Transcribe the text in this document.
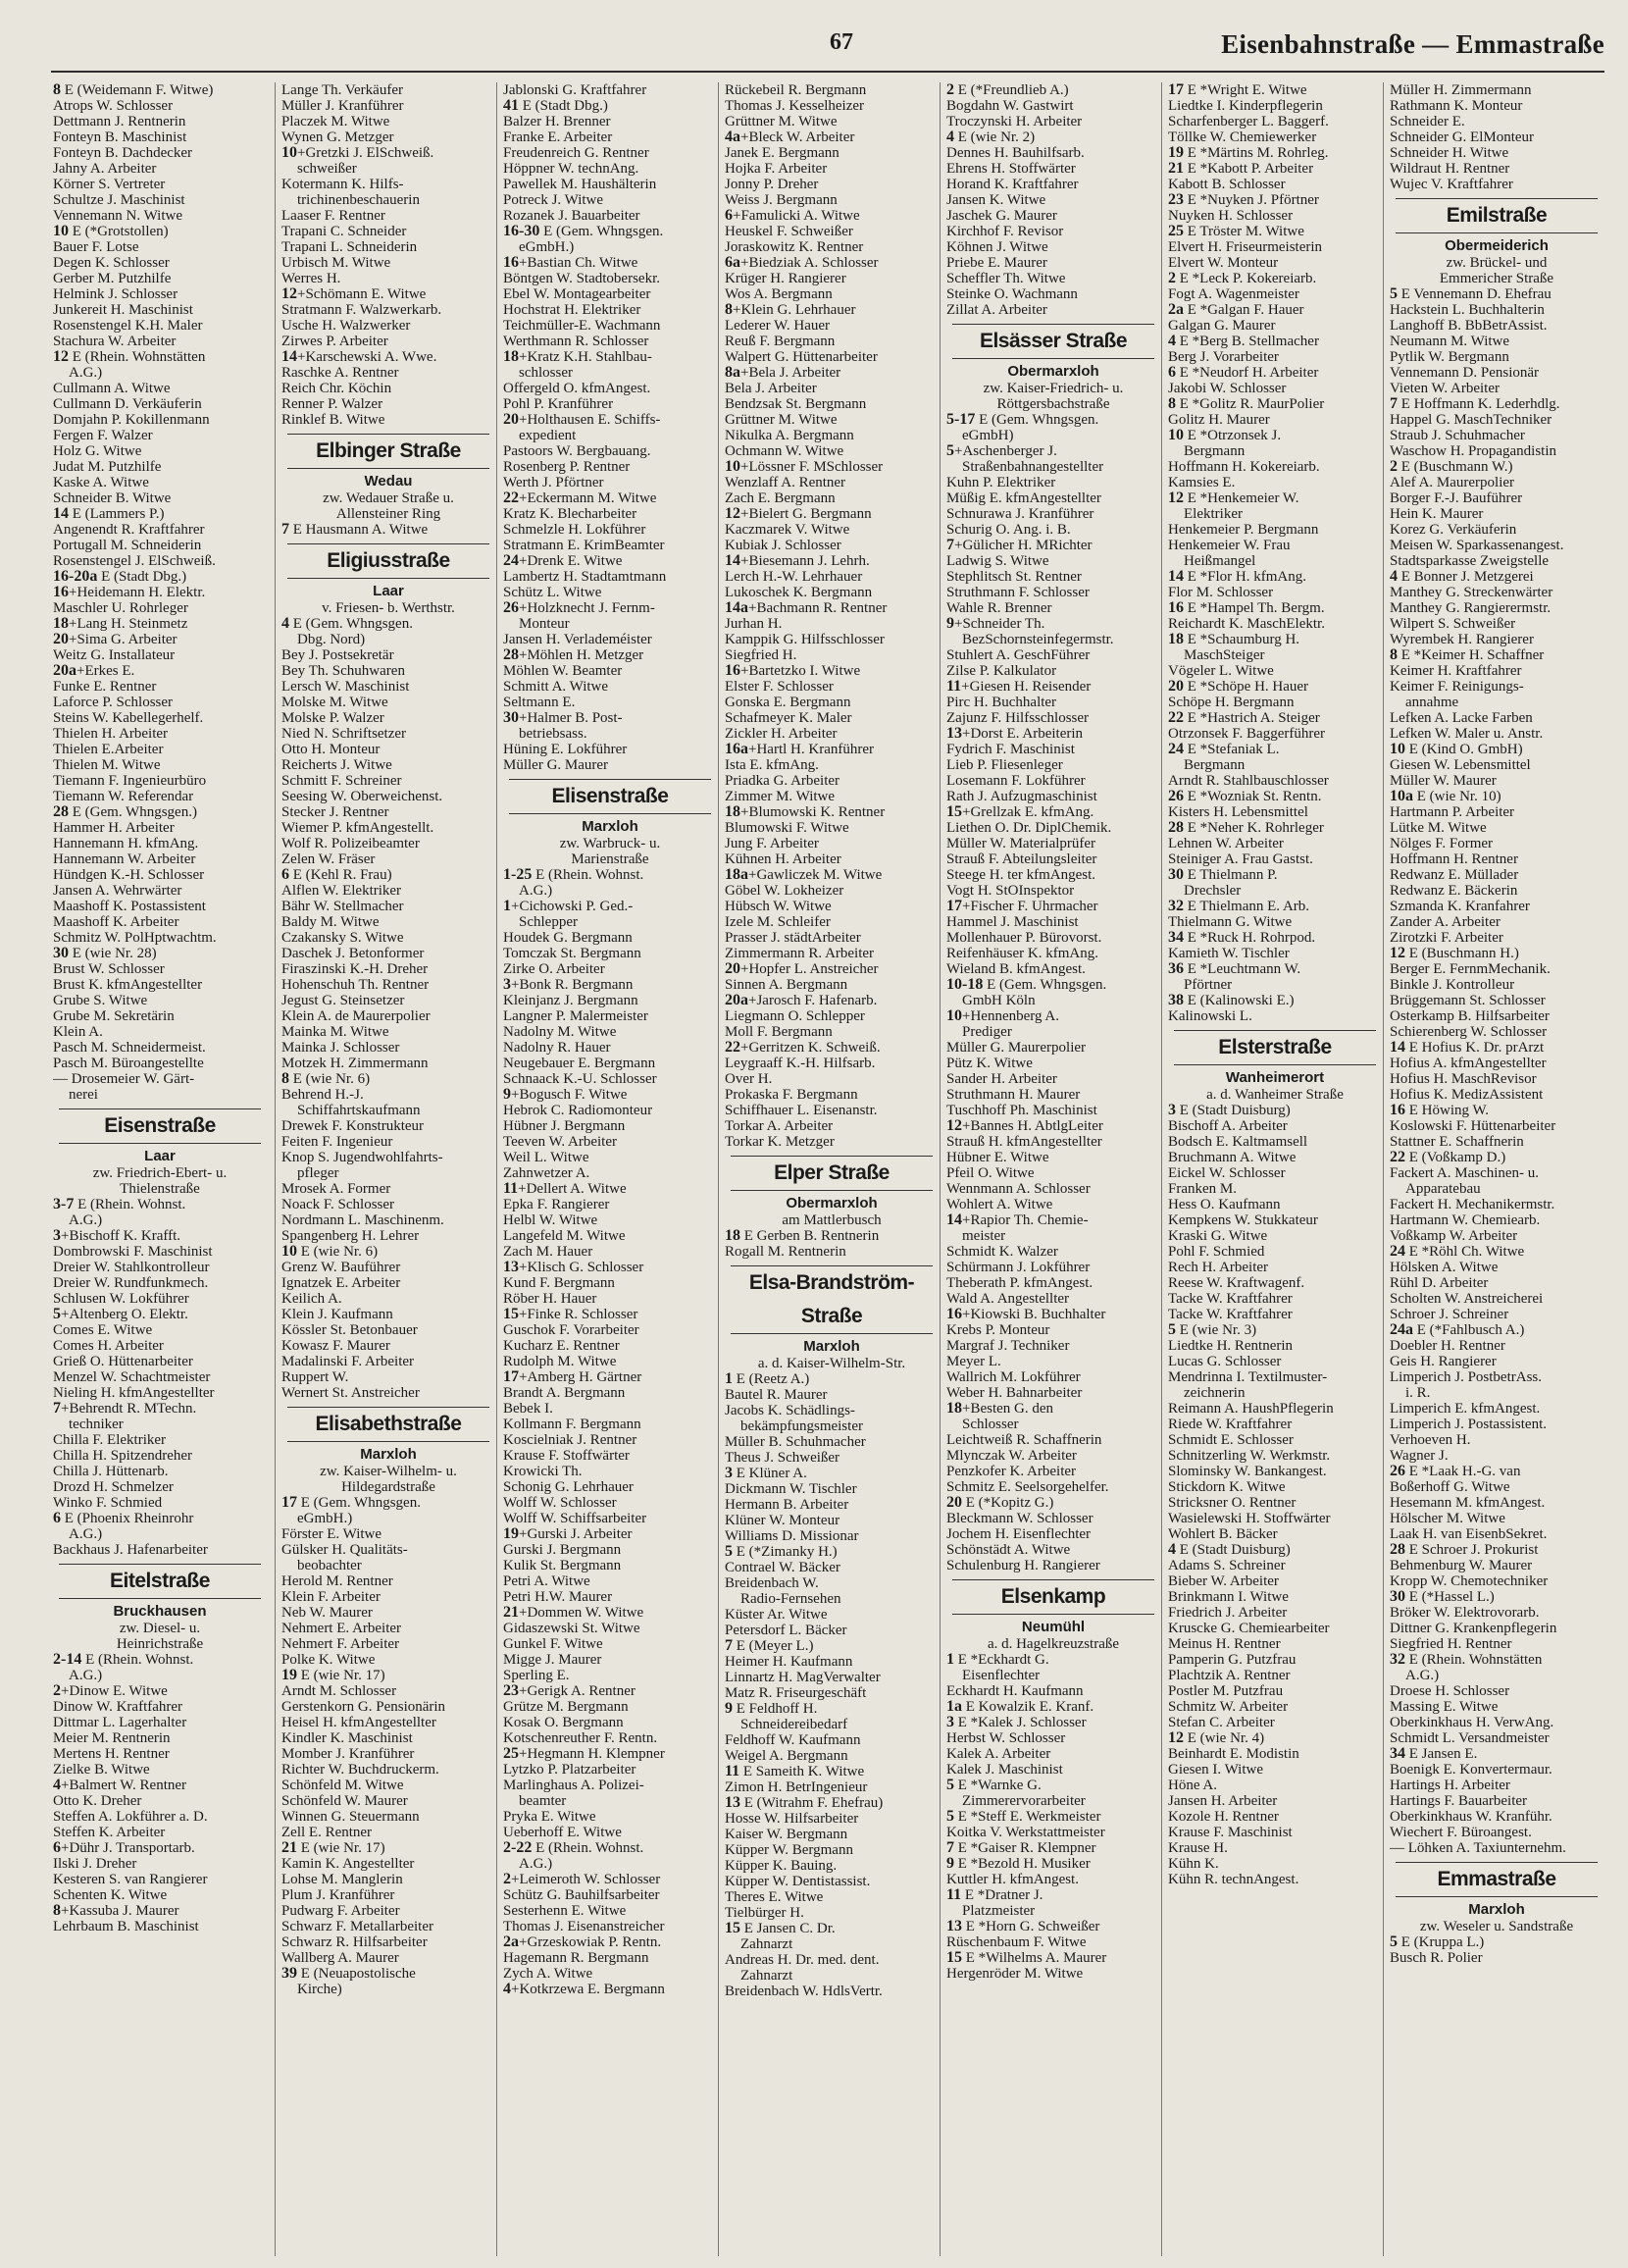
67	Eisenbahnstraße — Emmastraße
8 E (Weidemann F. Witwe)
Atrops W. Schlosser
Dettmann J. Rentnerin
Fonteyn B. Maschinist
Fonteyn B. Dachdecker
Jahny A. Arbeiter
Körner S. Vertreter
Schultze J. Maschinist
Vennemann N. Witwe
10 E (*Grotstollen)
Bauer F. Lotse
Degen K. Schlosser
Gerber M. Putzhilfe
Helmink J. Schlosser
Junkereit H. Maschinist
Rosenstengel K.H. Maler
Stachura W. Arbeiter
12 E (Rhein. Wohnstätten
A.G.)
Cullmann A. Witwe
Cullmann D. Verkäuferin
Domjahn P. Kokillenmann
Fergen F. Walzer
Holz G. Witwe
Judat M. Putzhilfe
Kaske A. Witwe
Schneider B. Witwe
14 E (Lammers P.)
Angenendt R. Kraftfahrer
Portugall M. Schneiderin
Rosenstengel J. ElSchweiß.
16-20a E (Stadt Dbg.)
16+Heidemann H. Elektr.
Maschler U. Rohrleger
18+Lang H. Steinmetz
20+Sima G. Arbeiter
Weitz G. Installateur
20a+Erkes E.
Funke E. Rentner
Laforce P. Schlosser
Steins W. Kabellegerhelf.
Thielen H. Arbeiter
Thielen E.Arbeiter
Thielen M. Witwe
Tiemann F. Ingenieurbüro
Tiemann W. Referendar
28 E (Gem. Whngsgen.)
Hammer H. Arbeiter
Hannemann H. kfmAng.
Hannemann W. Arbeiter
Hündgen K.-H. Schlosser
Jansen A. Wehrwärter
Maashoff K. Postassistent
Maashoff K. Arbeiter
Schmitz W. PolHptwachtm.
30 E (wie Nr. 28)
Brust W. Schlosser
Brust K. kfmAngestellter
Grube S. Witwe
Grube M. Sekretärin
Klein A.
Pasch M. Schneidermeist.
Pasch M. Büroangestellte
— Drosemeier W. Gärt-
nerei
Eisenstraße
Laar
zw. Friedrich-Ebert- u.
Thielenstraße
3-7 E (Rhein. Wohnst.
A.G.)
3+Bischoff K. Krafft.
Dombrowski F. Maschinist
Dreier W. Stahlkontrolleur
Dreier W. Rundfunkmech.
Schlusen W. Lokführer
5+Altenberg O. Elektr.
Comes E. Witwe
Comes H. Arbeiter
Grieß O. Hüttenarbeiter
Menzel W. Schachtmeister
Nieling H. kfmAngestellter
7+Behrendt R. MTechn.
techniker
Chilla F. Elektriker
Chilla H. Spitzendreher
Chilla J. Hüttenarb.
Drozd H. Schmelzer
Winko F. Schmied
6 E (Phoenix Rheinrohr
A.G.)
Backhaus J. Hafenarbeiter
Eitelstraße
Bruckhausen
zw. Diesel- u.
Heinrichstraße
2-14 E (Rhein. Wohnst.
A.G.)
2+Dinow E. Witwe
Dinow W. Kraftfahrer
Dittmar L. Lagerhalter
Meier M. Rentnerin
Mertens H. Rentner
Zielke B. Witwe
4+Balmert W. Rentner
Otto K. Dreher
Steffen A. Lokführer a. D.
Steffen K. Arbeiter
6+Dühr J. Transportarb.
Ilski J. Dreher
Kesteren S. van Rangierer
Schenten K. Witwe
8+Kassuba J. Maurer
Lehrbaum B. Maschinist
Lange Th. Verkäufer
Müller J. Kranführer
Placzek M. Witwe
Wynen G. Metzger
10+Gretzki J. ElSchweiß.
schweißer
Kotermann K. Hilfs-
trichinenbeschauerin
Laaser F. Rentner
Trapani C. Schneider
Trapani L. Schneiderin
Urbisch M. Witwe
Werres H.
12+Schömann E. Witwe
Stratmann F. Walzwerkarb.
Usche H. Walzwerker
Zirwes P. Arbeiter
14+Karschewski A. Wwe.
Raschke A. Rentner
Reich Chr. Köchin
Renner P. Walzer
Rinklef B. Witwe
Elbinger Straße
Wedau
zw. Wedauer Straße u.
Allensteiner Ring
7 E Hausmann A. Witwe
Eligiusstraße
Laar
v. Friesen- b. Werthstr.
4 E (Gem. Whngsgen.
Dbg. Nord)
Bey J. Postsekretär
Bey Th. Schuhwaren
Lersch W. Maschinist
Molske M. Witwe
Molske P. Walzer
Nied N. Schriftsetzer
Otto H. Monteur
Reicherts J. Witwe
Schmitt F. Schreiner
Seesing W. Oberweichenst.
Stecker J. Rentner
Wiemer P. kfmAngestellt.
Wolf R. Polizeibeamter
Zelen W. Fräser
6 E (Kehl R. Frau)
Alflen W. Elektriker
Bähr W. Stellmacher
Baldy M. Witwe
Czakansky S. Witwe
Daschek J. Betonformer
Firaszinski K.-H. Dreher
Hohenschuh Th. Rentner
Jegust G. Steinsetzer
Klein A. de Maurerpolier
Mainka M. Witwe
Mainka J. Schlosser
Motzek H. Zimmermann
8 E (wie Nr. 6)
Behrend H.-J.
Schiffahrtskaufmann
Drewek F. Konstrukteur
Feiten F. Ingenieur
Knop S. Jugendwohlfahrts-
pfleger
Mrosek A. Former
Noack F. Schlosser
Nordmann L. Maschinenm.
Spangenberg H. Lehrer
10 E (wie Nr. 6)
Grenz W. Bauführer
Ignatzek E. Arbeiter
Keilich A.
Klein J. Kaufmann
Kössler St. Betonbauer
Kowasz F. Maurer
Madalinski F. Arbeiter
Ruppert W.
Wernert St. Anstreicher
Elisabethstraße
Marxloh
zw. Kaiser-Wilhelm- u.
Hildegardstraße
17 E (Gem. Whngsgen.
eGmbH.)
Förster E. Witwe
Gülsker H. Qualitäts-
beobachter
Herold M. Rentner
Klein F. Arbeiter
Neb W. Maurer
Nehmert E. Arbeiter
Nehmert F. Arbeiter
Polke K. Witwe
19 E (wie Nr. 17)
Arndt M. Schlosser
Gerstenkorn G. Pensionärin
Heisel H. kfmAngestellter
Kindler K. Maschinist
Momber J. Kranführer
Richter W. Buchdruckerm.
Schönfeld M. Witwe
Schönfeld W. Maurer
Winnen G. Steuermann
Zell E. Rentner
21 E (wie Nr. 17)
Kamin K. Angestellter
Lohse M. Manglerin
Plum J. Kranführer
Pudwarg F. Arbeiter
Schwarz F. Metallarbeiter
Schwarz R. Hilfsarbeiter
Wallberg A. Maurer
39 E (Neuapostolische
Kirche)
Jablonski G. Kraftfahrer
41 E (Stadt Dbg.)
Balzer H. Brenner
Franke E. Arbeiter
Freudenreich G. Rentner
Höppner W. technAng.
Pawellek M. Haushälterin
Potreck J. Witwe
Rozanek J. Bauarbeiter
16-30 E (Gem. Whngsgen.
eGmbH.)
16+Bastian Ch. Witwe
Böntgen W. Stadtobersekr.
Ebel W. Montagearbeiter
Hochstrat H. Elektriker
Teichmüller-E. Wachmann
Werthmann R. Schlosser
18+Kratz K.H. Stahlbau-
schlosser
Offergeld O. kfmAngest.
Pohl P. Kranführer
20+Holthausen E. Schiffs-
expedient
Pastoors W. Bergbauang.
Rosenberg P. Rentner
Werth J. Pförtner
22+Eckermann M. Witwe
Kratz K. Blecharbeiter
Schmelzle H. Lokführer
Stratmann E. KrimBeamter
24+Drenk E. Witwe
Lambertz H. Stadtamtmann
Schütz L. Witwe
26+Holzknecht J. Fernm-
Monteur
Jansen H. Verlademéister
28+Möhlen H. Metzger
Möhlen W. Beamter
Schmitt A. Witwe
Seltmann E.
30+Halmer B. Post-
betriebsass.
Hüning E. Lokführer
Müller G. Maurer
Elisenstraße
Marxloh
zw. Warbruck- u.
Marienstraße
1-25 E (Rhein. Wohnst.
A.G.)
1+Cichowski P. Ged.-
Schlepper
Houdek G. Bergmann
Tomczak St. Bergmann
Zirke O. Arbeiter
3+Bonk R. Bergmann
Kleinjanz J. Bergmann
Langner P. Malermeister
Nadolny M. Witwe
Nadolny R. Hauer
Neugebauer E. Bergmann
Schnaack K.-U. Schlosser
9+Bogusch F. Witwe
Hebrok C. Radiomonteur
Hübner J. Bergmann
Teeven W. Arbeiter
Weil L. Witwe
Zahnwetzer A.
11+Dellert A. Witwe
Epka F. Rangierer
Helbl W. Witwe
Langefeld M. Witwe
Zach M. Hauer
13+Klisch G. Schlosser
Kund F. Bergmann
Röber H. Hauer
15+Finke R. Schlosser
Guschok F. Vorarbeiter
Kucharz E. Rentner
Rudolph M. Witwe
17+Amberg H. Gärtner
Brandt A. Bergmann
Bebek I.
Kollmann F. Bergmann
Koscielniak J. Rentner
Krause F. Stoffwärter
Krowicki Th.
Schonig G. Lehrhauer
Wolff W. Schlosser
Wolff W. Schiffsarbeiter
19+Gurski J. Arbeiter
Gurski J. Bergmann
Kulik St. Bergmann
Petri A. Witwe
Petri H.W. Maurer
21+Dommen W. Witwe
Gidaszewski St. Witwe
Gunkel F. Witwe
Migge J. Maurer
Sperling E.
23+Gerigk A. Rentner
Grütze M. Bergmann
Kosak O. Bergmann
Kotschenreuther F. Rentn.
25+Hegmann H. Klempner
Lytzko P. Platzarbeiter
Marlinghaus A. Polizei-
beamter
Pryka E. Witwe
Ueberhoff E. Witwe
2-22 E (Rhein. Wohnst.
A.G.)
2+Leimeroth W. Schlosser
Schütz G. Bauhilfsarbeiter
Sesterhenn E. Witwe
Thomas J. Eisenanstreicher
2a+Grzeskowiak P. Rentn.
Hagemann R. Bergmann
Zych A. Witwe
4+Kotkrzewa E. Bergmann
Rückebeil R. Bergmann
Thomas J. Kesselheizer
Grüttner M. Witwe
4a+Bleck W. Arbeiter
Janek E. Bergmann
Hojka F. Arbeiter
Jonny P. Dreher
Weiss J. Bergmann
6+Famulicki A. Witwe
Heuskel F. Schweißer
Joraskowitz K. Rentner
6a+Biedziak A. Schlosser
Krüger H. Rangierer
Wos A. Bergmann
8+Klein G. Lehrhauer
Lederer W. Hauer
Reuß F. Bergmann
Walpert G. Hüttenarbeiter
8a+Bela J. Arbeiter
Bela J. Arbeiter
Bendzsak St. Bergmann
Grüttner M. Witwe
Nikulka A. Bergmann
Ochmann W. Witwe
10+Lössner F. MSchlosser
Wenzlaff A. Rentner
Zach E. Bergmann
12+Bielert G. Bergmann
Kaczmarek V. Witwe
Kubiak J. Schlosser
14+Biesemann J. Lehrh.
Lerch H.-W. Lehrhauer
Lukoschek K. Bergmann
14a+Bachmann R. Rentner
Jurhan H.
Kamppik G. Hilfsschlosser
Siegfried H.
16+Bartetzko I. Witwe
Elster F. Schlosser
Gonska E. Bergmann
Schafmeyer K. Maler
Zickler H. Arbeiter
16a+Hartl H. Kranführer
Ista E. kfmAng.
Priadka G. Arbeiter
Zimmer M. Witwe
18+Blumowski K. Rentner
Blumowski F. Witwe
Jung F. Arbeiter
Kühnen H. Arbeiter
18a+Gawliczek M. Witwe
Göbel W. Lokheizer
Hübsch W. Witwe
Izele M. Schleifer
Prasser J. städtArbeiter
Zimmermann R. Arbeiter
20+Hopfer L. Anstreicher
Sinnen A. Bergmann
20a+Jarosch F. Hafenarb.
Liegmann O. Schlepper
Moll F. Bergmann
22+Gerritzen K. Schweiß.
Leygraaff K.-H. Hilfsarb.
Over H.
Prokaska F. Bergmann
Schiffhauer L. Eisenanstr.
Torkar A. Arbeiter
Torkar K. Metzger
Elper Straße
Obermarxloh
am Mattlerbusch
18 E Gerben B. Rentnerin
Rogall M. Rentnerin
Elsa-Brandström-Straße
Marxloh
a. d. Kaiser-Wilhelm-Str.
1 E (Reetz A.)
Bautel R. Maurer
Jacobs K. Schädlings-
bekämpfungsmeister
Müller B. Schuhmacher
Theus J. Schweißer
3 E Klüner A.
Dickmann W. Tischler
Hermann B. Arbeiter
Klüner W. Monteur
Williams D. Missionar
5 E (*Zimanky H.)
Contrael W. Bäcker
Breidenbach W.
Radio-Fernsehen
Küster Ar. Witwe
Petersdorf L. Bäcker
7 E (Meyer L.)
Heimer H. Kaufmann
Linnartz H. MagVerwalter
Matz R. Friseurgeschäft
9 E Feldhoff H.
Schneidereibedarf
Feldhoff W. Kaufmann
Weigel A. Bergmann
11 E Sameith K. Witwe
Zimon H. BetrIngenieur
13 E (Witrahm F. Ehefrau)
Hosse W. Hilfsarbeiter
Kaiser W. Bergmann
Küpper W. Bergmann
Küpper K. Bauing.
Küpper W. Dentistassist.
Theres E. Witwe
Tielbürger H.
15 E Jansen C. Dr.
Zahnarzt
Andreas H. Dr. med. dent.
Zahnarzt
Breidenbach W. HdlsVertr.
2 E (*Freundlieb A.)
Bogdahn W. Gastwirt
Troczynski H. Arbeiter
4 E (wie Nr. 2)
Dennes H. Bauhilfsarb.
Ehrens H. Stoffwärter
Horand K. Kraftfahrer
Jansen K. Witwe
Jaschek G. Maurer
Kirchhof F. Revisor
Köhnen J. Witwe
Priebe E. Maurer
Scheffler Th. Witwe
Steinke O. Wachmann
Zillat A. Arbeiter
Elsässer Straße
Obermarxloh
zw. Kaiser-Friedrich- u.
Röttgersbachstraße
5-17 E (Gem. Whngsgen.
eGmbH)
5+Aschenberger J.
Straßenbahnangestellter
Kuhn P. Elektriker
Müßig E. kfmAngestellter
Schnurawa J. Kranführer
Schurig O. Ang. i. B.
7+Gülicher H. MRichter
Ladwig S. Witwe
Stephlitsch St. Rentner
Struthmann F. Schlosser
Wahle R. Brenner
9+Schneider Th.
BezSchornsteinfegermstr.
Stuhlert A. GeschFührer
Zilse P. Kalkulator
11+Giesen H. Reisender
Pirc H. Buchhalter
Zajunz F. Hilfsschlosser
13+Dorst E. Arbeiterin
Fydrich F. Maschinist
Lieb P. Fliesenleger
Losemann F. Lokführer
Rath J. Aufzugmaschinist
15+Grellzak E. kfmAng.
Liethen O. Dr. DiplChemik.
Müller W. Materialprüfer
Strauß F. Abteilungsleiter
Steege H. ter kfmAngest.
Vogt H. StOInspektor
17+Fischer F. Uhrmacher
Hammel J. Maschinist
Mollenhauer P. Bürovorst.
Reifenhäuser K. kfmAng.
Wieland B. kfmAngest.
10-18 E (Gem. Whngsgen.
GmbH Köln
10+Hennenberg A.
Prediger
Müller G. Maurerpolier
Pütz K. Witwe
Sander H. Arbeiter
Struthmann H. Maurer
Tuschhoff Ph. Maschinist
12+Bannes H. AbtlgLeiter
Strauß H. kfmAngestellter
Hübner E. Witwe
Pfeil O. Witwe
Wennmann A. Schlosser
Wohlert A. Witwe
14+Rapior Th. Chemie-
meister
Schmidt K. Walzer
Schürmann J. Lokführer
Theberath P. kfmAngest.
Wald A. Angestellter
16+Kiowski B. Buchhalter
Krebs P. Monteur
Margraf J. Techniker
Meyer L.
Wallrich M. Lokführer
Weber H. Bahnarbeiter
18+Besten G. den
Schlosser
Leichtweiß R. Schaffnerin
Mlynczak W. Arbeiter
Penzkofer K. Arbeiter
Schmitz E. Seelsorgehelfer.
20 E (*Kopitz G.)
Bleckmann W. Schlosser
Jochem H. Eisenflechter
Schönstädt A. Witwe
Schulenburg H. Rangierer
Elsenkamp
Neumühl
a. d. Hagelkreuzstraße
1 E *Eckhardt G.
Eisenflechter
Eckhardt H. Kaufmann
1a E Kowalzik E. Kranf.
3 E *Kalek J. Schlosser
Herbst W. Schlosser
Kalek A. Arbeiter
Kalek J. Maschinist
5 E *Warnke G.
Zimmerervorarbeiter
5 E *Steff E. Werkmeister
Koitka V. Werkstattmeister
7 E *Gaiser R. Klempner
9 E *Bezold H. Musiker
Kuttler H. kfmAngest.
11 E *Dratner J.
Platzmeister
13 E *Horn G. Schweißer
Rüschenbaum F. Witwe
15 E *Wilhelms A. Maurer
Hergenröder M. Witwe
17 E *Wright E. Witwe
Liedtke I. Kinderpflegerin
Scharfenberger L. Baggerf.
Töllke W. Chemiewerker
19 E *Märtins M. Rohrleg.
21 E *Kabott P. Arbeiter
Kabott B. Schlosser
23 E *Nuyken J. Pförtner
Nuyken H. Schlosser
25 E Tröster M. Witwe
Elvert H. Friseurmeisterin
Elvert W. Monteur
2 E *Leck P. Kokereiarb.
Fogt A. Wagenmeister
2a E *Galgan F. Hauer
Galgan G. Maurer
4 E *Berg B. Stellmacher
Berg J. Vorarbeiter
6 E *Neudorf H. Arbeiter
Jakobi W. Schlosser
8 E *Golitz R. MaurPolier
Golitz H. Maurer
10 E *Otrzonsek J.
Bergmann
Hoffmann H. Kokereiarb.
Kamsies E.
12 E *Henkemeier W.
Elektriker
Henkemeier P. Bergmann
Henkemeier W. Frau
Heißmangel
14 E *Flor H. kfmAng.
Flor M. Schlosser
16 E *Hampel Th. Bergm.
Reichardt K. MaschElektr.
18 E *Schaumburg H.
MaschSteiger
Vögeler L. Witwe
20 E *Schöpe H. Hauer
Schöpe H. Bergmann
22 E *Hastrich A. Steiger
Otrzonsek F. Baggerführer
24 E *Stefaniak L.
Bergmann
Arndt R. Stahlbauschlosser
26 E *Wozniak St. Rentn.
Kisters H. Lebensmittel
28 E *Neher K. Rohrleger
Lehnen W. Arbeiter
Steiniger A. Frau Gastst.
30 E Thielmann P.
Drechsler
32 E Thielmann E. Arb.
Thielmann G. Witwe
34 E *Ruck H. Rohrpod.
Kamieth W. Tischler
36 E *Leuchtmann W.
Pförtner
38 E (Kalinowski E.)
Kalinowski L.
Elsterstraße
Wanheimerort
a. d. Wanheimer Straße
3 E (Stadt Duisburg)
Bischoff A. Arbeiter
Bodsch E. Kaltmamsell
Bruchmann A. Witwe
Eickel W. Schlosser
Franken M.
Hess O. Kaufmann
Kempkens W. Stukkateur
Kraski G. Witwe
Pohl F. Schmied
Rech H. Arbeiter
Reese W. Kraftwagenf.
Tacke W. Kraftfahrer
Tacke W. Kraftfahrer
5 E (wie Nr. 3)
Liedtke H. Rentnerin
Lucas G. Schlosser
Mendrinna I. Textilmuster-
zeichnerin
Reimann A. HaushPflegerin
Riede W. Kraftfahrer
Schmidt E. Schlosser
Schnitzerling W. Werkmstr.
Slominsky W. Bankangest.
Stickdorn K. Witwe
Stricksner O. Rentner
Wasielewski H. Stoffwärter
Wohlert B. Bäcker
4 E (Stadt Duisburg)
Adams S. Schreiner
Bieber W. Arbeiter
Brinkmann I. Witwe
Friedrich J. Arbeiter
Kruscke G. Chemiearbeiter
Meinus H. Rentner
Pamperin G. Putzfrau
Plachtzik A. Rentner
Postler M. Putzfrau
Schmitz W. Arbeiter
Stefan C. Arbeiter
12 E (wie Nr. 4)
Beinhardt E. Modistin
Giesen I. Witwe
Höne A.
Jansen H. Arbeiter
Kozole H. Rentner
Krause F. Maschinist
Krause H.
Kühn K.
Kühn R. technAngest.
Müller H. Zimmermann
Rathmann K. Monteur
Schneider E.
Schneider G. ElMonteur
Schneider H. Witwe
Wildraut H. Rentner
Wujec V. Kraftfahrer
Emilstraße
Obermeiderich
zw. Brückel- und
Emmericher Straße
5 E Vennemann D. Ehefrau
Hackstein L. Buchhalterin
Langhoff B. BbBetrAssist.
Neumann M. Witwe
Pytlik W. Bergmann
Vennemann D. Pensionär
Vieten W. Arbeiter
7 E Hoffmann K. Lederhdlg.
Happel G. MaschTechniker
Straub J. Schuhmacher
Waschow H. Propagandistin
2 E (Buschmann W.)
Alef A. Maurerpolier
Borger F.-J. Bauführer
Hein K. Maurer
Korez G. Verkäuferin
Meisen W. Sparkassenangest.
Stadtsparkasse Zweigstelle
4 E Bonner J. Metzgerei
Manthey G. Streckenwärter
Manthey G. Rangierermstr.
Wilpert S. Schweißer
Wyrembek H. Rangierer
8 E *Keimer H. Schaffner
Keimer H. Kraftfahrer
Keimer F. Reinigungs-
annahme
Lefken A. Lacke Farben
Lefken W. Maler u. Anstr.
10 E (Kind O. GmbH)
Giesen W. Lebensmittel
Müller W. Maurer
10a E (wie Nr. 10)
Hartmann P. Arbeiter
Lütke M. Witwe
Nölges F. Former
Hoffmann H. Rentner
Redwanz E. Müllader
Redwanz E. Bäckerin
Szmanda K. Kranfahrer
Zander A. Arbeiter
Zirotzki F. Arbeiter
12 E (Buschmann H.)
Berger E. FernmMechanik.
Binkle J. Kontrolleur
Brüggemann St. Schlosser
Osterkamp B. Hilfsarbeiter
Schierenberg W. Schlosser
14 E Hofius K. Dr. prArzt
Hofius A. kfmAngestellter
Hofius H. MaschRevisor
Hofius K. MedizAssistent
16 E Höwing W.
Koslowski F. Hüttenarbeiter
Stattner E. Schaffnerin
22 E (Voßkamp D.)
Fackert A. Maschinen- u.
Apparatebau
Fackert H. Mechanikermstr.
Hartmann W. Chemiearb.
Voßkamp W. Arbeiter
24 E *Röhl Ch. Witwe
Hölsken A. Witwe
Rühl D. Arbeiter
Scholten W. Anstreicherei
Schroer J. Schreiner
24a E (*Fahlbusch A.)
Doebler H. Rentner
Geis H. Rangierer
Limperich J. PostbetrAss.
i. R.
Limperich E. kfmAngest.
Limperich J. Postassistent.
Verhoeven H.
Wagner J.
26 E *Laak H.-G. van
Boßerhoff G. Witwe
Hesemann M. kfmAngest.
Hölscher M. Witwe
Laak H. van EisenbSekret.
28 E Schroer J. Prokurist
Behmenburg W. Maurer
Kropp W. Chemotechniker
30 E (*Hassel L.)
Bröker W. Elektrovorarb.
Dittner G. Krankenpflegerin
Siegfried H. Rentner
32 E (Rhein. Wohnstätten
A.G.)
Droese H. Schlosser
Massing E. Witwe
Oberkinkhaus H. VerwAng.
Schmidt L. Versandmeister
34 E Jansen E.
Boenigk E. Konvertermaur.
Hartings H. Arbeiter
Hartings F. Bauarbeiter
Oberkinkhaus W. Kranführ.
Wiechert F. Büroangest.
— Löhken A. Taxiunternehm.
Emmastraße
Marxloh
zw. Weseler u. Sandstraße
5 E (Kruppa L.)
Busch R. Polier
